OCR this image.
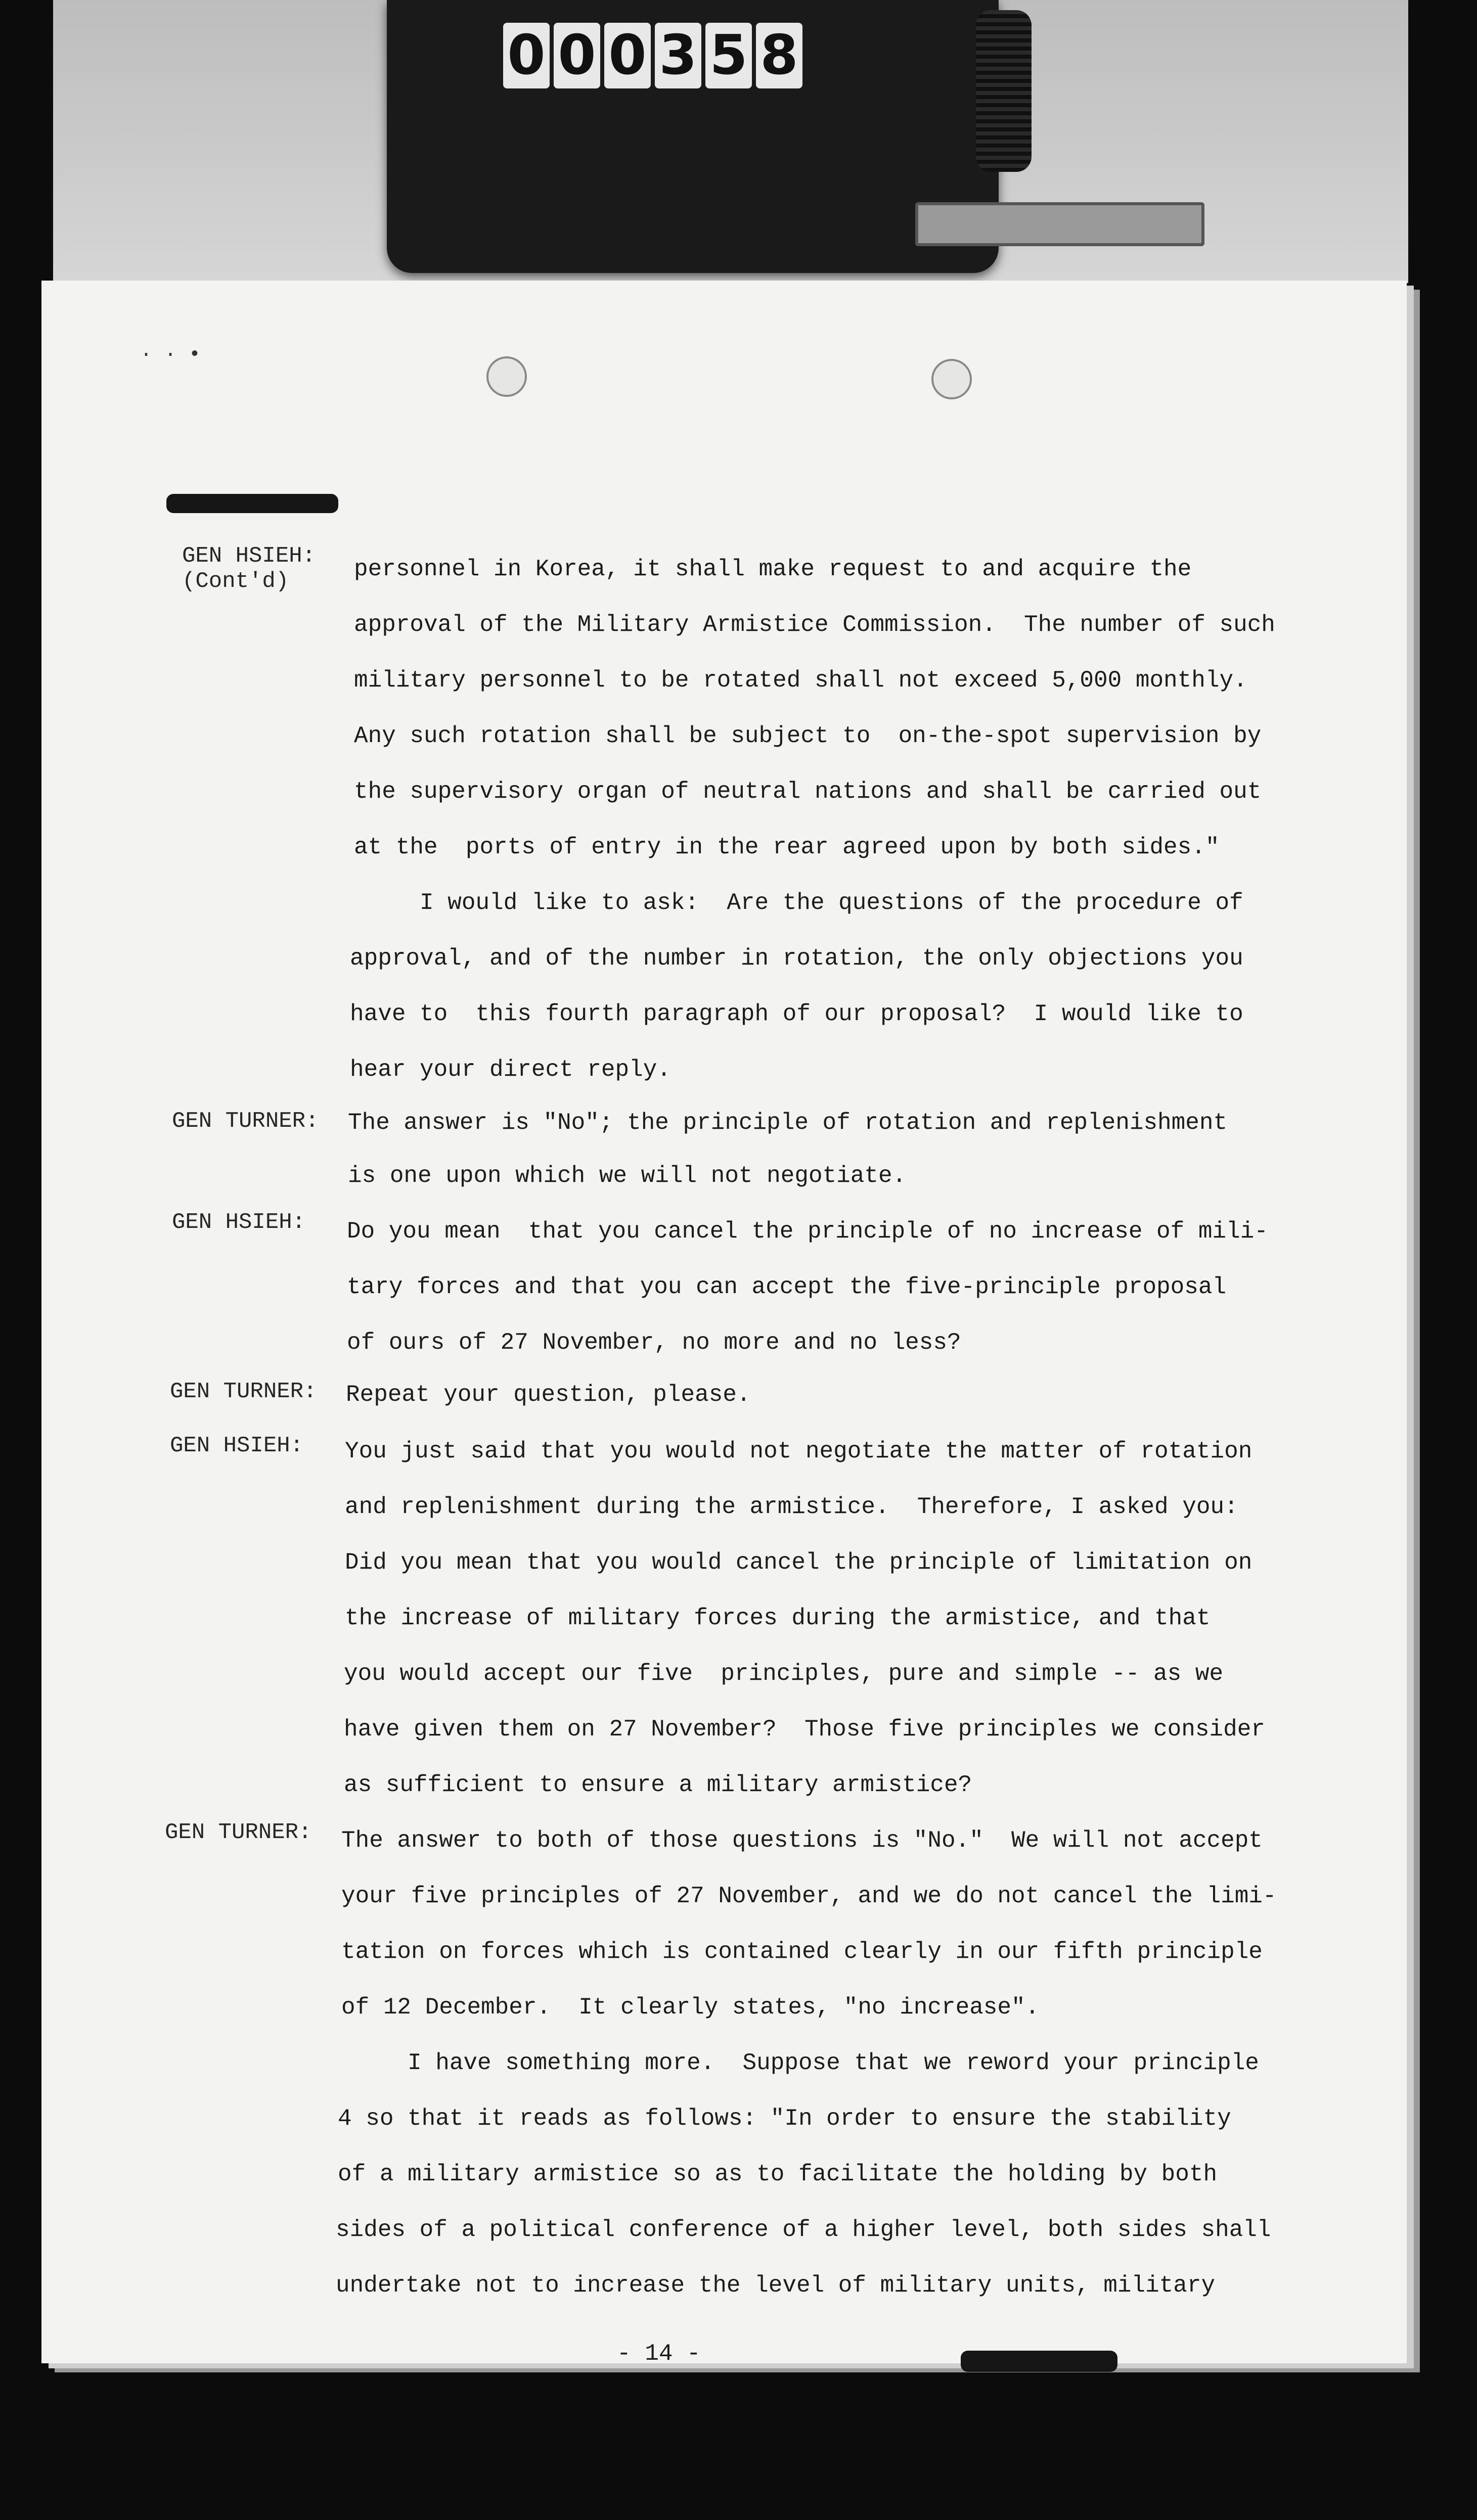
0 0 0 3 5 8
· · •
GEN HSIEH:
(Cont'd)
GEN TURNER:
GEN HSIEH:
GEN TURNER:
GEN HSIEH:
GEN TURNER:
personnel in Korea, it shall make request to and acquire the
approval of the Military Armistice Commission.  The number of such
military personnel to be rotated shall not exceed 5,000 monthly.
Any such rotation shall be subject to  on-the-spot supervision by
the supervisory organ of neutral nations and shall be carried out
at the  ports of entry in the rear agreed upon by both sides."
I would like to ask:  Are the questions of the procedure of
approval, and of the number in rotation, the only objections you
have to  this fourth paragraph of our proposal?  I would like to
hear your direct reply.
The answer is "No"; the principle of rotation and replenishment
is one upon which we will not negotiate.
Do you mean  that you cancel the principle of no increase of mili-
tary forces and that you can accept the five-principle proposal
of ours of 27 November, no more and no less?
Repeat your question, please.
You just said that you would not negotiate the matter of rotation
and replenishment during the armistice.  Therefore, I asked you:
Did you mean that you would cancel the principle of limitation on
the increase of military forces during the armistice, and that
you would accept our five  principles, pure and simple -- as we
have given them on 27 November?  Those five principles we consider
as sufficient to ensure a military armistice?
The answer to both of those questions is "No."  We will not accept
your five principles of 27 November, and we do not cancel the limi-
tation on forces which is contained clearly in our fifth principle
of 12 December.  It clearly states, "no increase".
I have something more.  Suppose that we reword your principle
4 so that it reads as follows: "In order to ensure the stability
of a military armistice so as to facilitate the holding by both
sides of a political conference of a higher level, both sides shall
undertake not to increase the level of military units, military
- 14 -
